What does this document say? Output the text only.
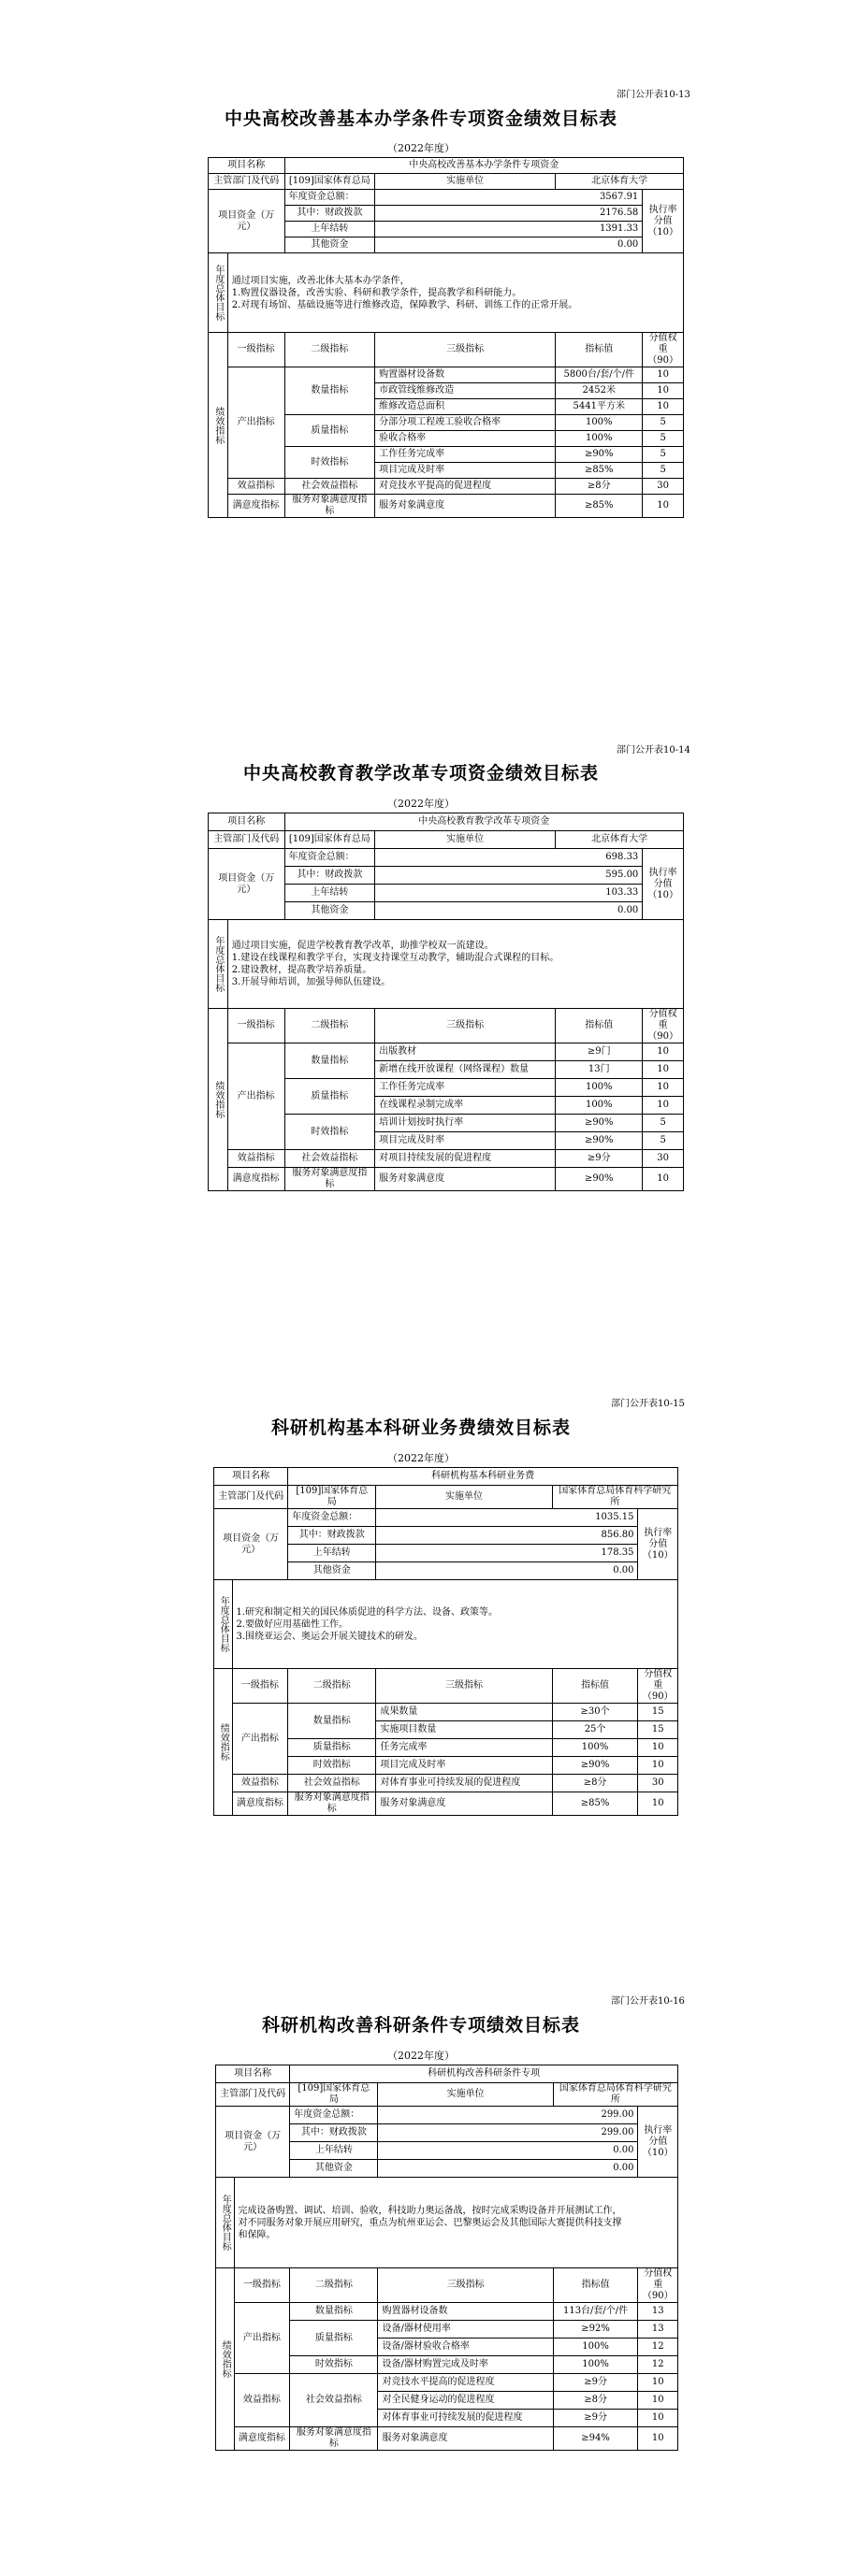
部门公开表10-13
中央高校改善基本办学条件专项资金绩效目标表
（2022年度）
项目名称		中央高校改善基本办学条件专项资金			
主管部门及代码		[109]国家体育总局	实施单位	北京体育大学	
项目资金（万元）		年度资金总额：	3567.91		执行率分值（10）
		其中：财政拨款	2176.58		
		上年结转	1391.33		
		其他资金	0.00		
年度总体目标	通过项目实施，改善北体大基本办学条件，
1.购置仪器设备，改善实验、科研和教学条件，提高教学和科研能力。
2.对现有场馆、基础设施等进行维修改造，保障教学、科研、训练工作的正常开展。				

绩效指标	一级指标	二级指标	三级指标	指标值	分值权重（90）
	产出指标	数量指标	购置器材设备数	5800台/套/个/件	10
			市政管线维修改造	2452米	10
			维修改造总面积	5441平方米	10
		质量指标	分部分项工程竣工验收合格率	100%	5
			验收合格率	100%	5
		时效指标	工作任务完成率	≥90%	5
			项目完成及时率	≥85%	5
	效益指标	社会效益指标	对竞技水平提高的促进程度	≥8分	30
	满意度指标	服务对象满意度指标	服务对象满意度	≥85%	10
部门公开表10-14
中央高校教育教学改革专项资金绩效目标表
（2022年度）
项目名称		中央高校教育教学改革专项资金			
主管部门及代码		[109]国家体育总局	实施单位	北京体育大学	
项目资金（万元）		年度资金总额：	698.33		执行率分值（10）
		其中：财政拨款	595.00		
		上年结转	103.33		
		其他资金	0.00		
年度总体目标	通过项目实施，促进学校教育教学改革，助推学校双一流建设。
1.建设在线课程和教学平台，实现支持课堂互动教学，辅助混合式课程的目标。
2.建设教材，提高教学培养质量。
3.开展导师培训，加强导师队伍建设。				

绩效指标	一级指标	二级指标	三级指标	指标值	分值权重（90）
	产出指标	数量指标	出版教材	≥9门	10
			新增在线开放课程（网络课程）数量	13门	10
		质量指标	工作任务完成率	100%	10
			在线课程录制完成率	100%	10
		时效指标	培训计划按时执行率	≥90%	5
			项目完成及时率	≥90%	5
	效益指标	社会效益指标	对项目持续发展的促进程度	≥9分	30
	满意度指标	服务对象满意度指标	服务对象满意度	≥90%	10
部门公开表10-15
科研机构基本科研业务费绩效目标表
（2022年度）
项目名称		科研机构基本科研业务费			
主管部门及代码		[109]国家体育总局	实施单位	国家体育总局体育科学研究所	
项目资金（万元）		年度资金总额：	1035.15		执行率分值（10）
		其中：财政拨款	856.80		
		上年结转	178.35		
		其他资金	0.00		
年度总体目标	1.研究和制定相关的国民体质促进的科学方法、设备、政策等。
2.要做好应用基础性工作。
3.围绕亚运会、奥运会开展关键技术的研发。				

绩效指标	一级指标	二级指标	三级指标	指标值	分值权重（90）
	产出指标	数量指标	成果数量	≥30个	15
			实施项目数量	25个	15
		质量指标	任务完成率	100%	10
		时效指标	项目完成及时率	≥90%	10
	效益指标	社会效益指标	对体育事业可持续发展的促进程度	≥8分	30
	满意度指标	服务对象满意度指标	服务对象满意度	≥85%	10
部门公开表10-16
科研机构改善科研条件专项绩效目标表
（2022年度）
项目名称		科研机构改善科研条件专项			
主管部门及代码		[109]国家体育总局	实施单位	国家体育总局体育科学研究所	
项目资金（万元）		年度资金总额：	299.00		执行率分值（10）
		其中：财政拨款	299.00		
		上年结转	0.00		
		其他资金	0.00		
年度总体目标	完成设备购置、调试、培训、验收，科技助力奥运备战，按时完成采购设备并开展测试工作，
对不同服务对象开展应用研究，重点为杭州亚运会、巴黎奥运会及其他国际大赛提供科技支撑
和保障。				

绩效指标	一级指标	二级指标	三级指标	指标值	分值权重（90）
	产出指标	数量指标	购置器材设备数	113台/套/个/件	13
		质量指标	设备/器材使用率	≥92%	13
			设备/器材验收合格率	100%	12
		时效指标	设备/器材购置完成及时率	100%	12
	效益指标	社会效益指标	对竞技水平提高的促进程度	≥9分	10
			对全民健身运动的促进程度	≥8分	10
			对体育事业可持续发展的促进程度	≥9分	10
	满意度指标	服务对象满意度指标	服务对象满意度	≥94%	10
